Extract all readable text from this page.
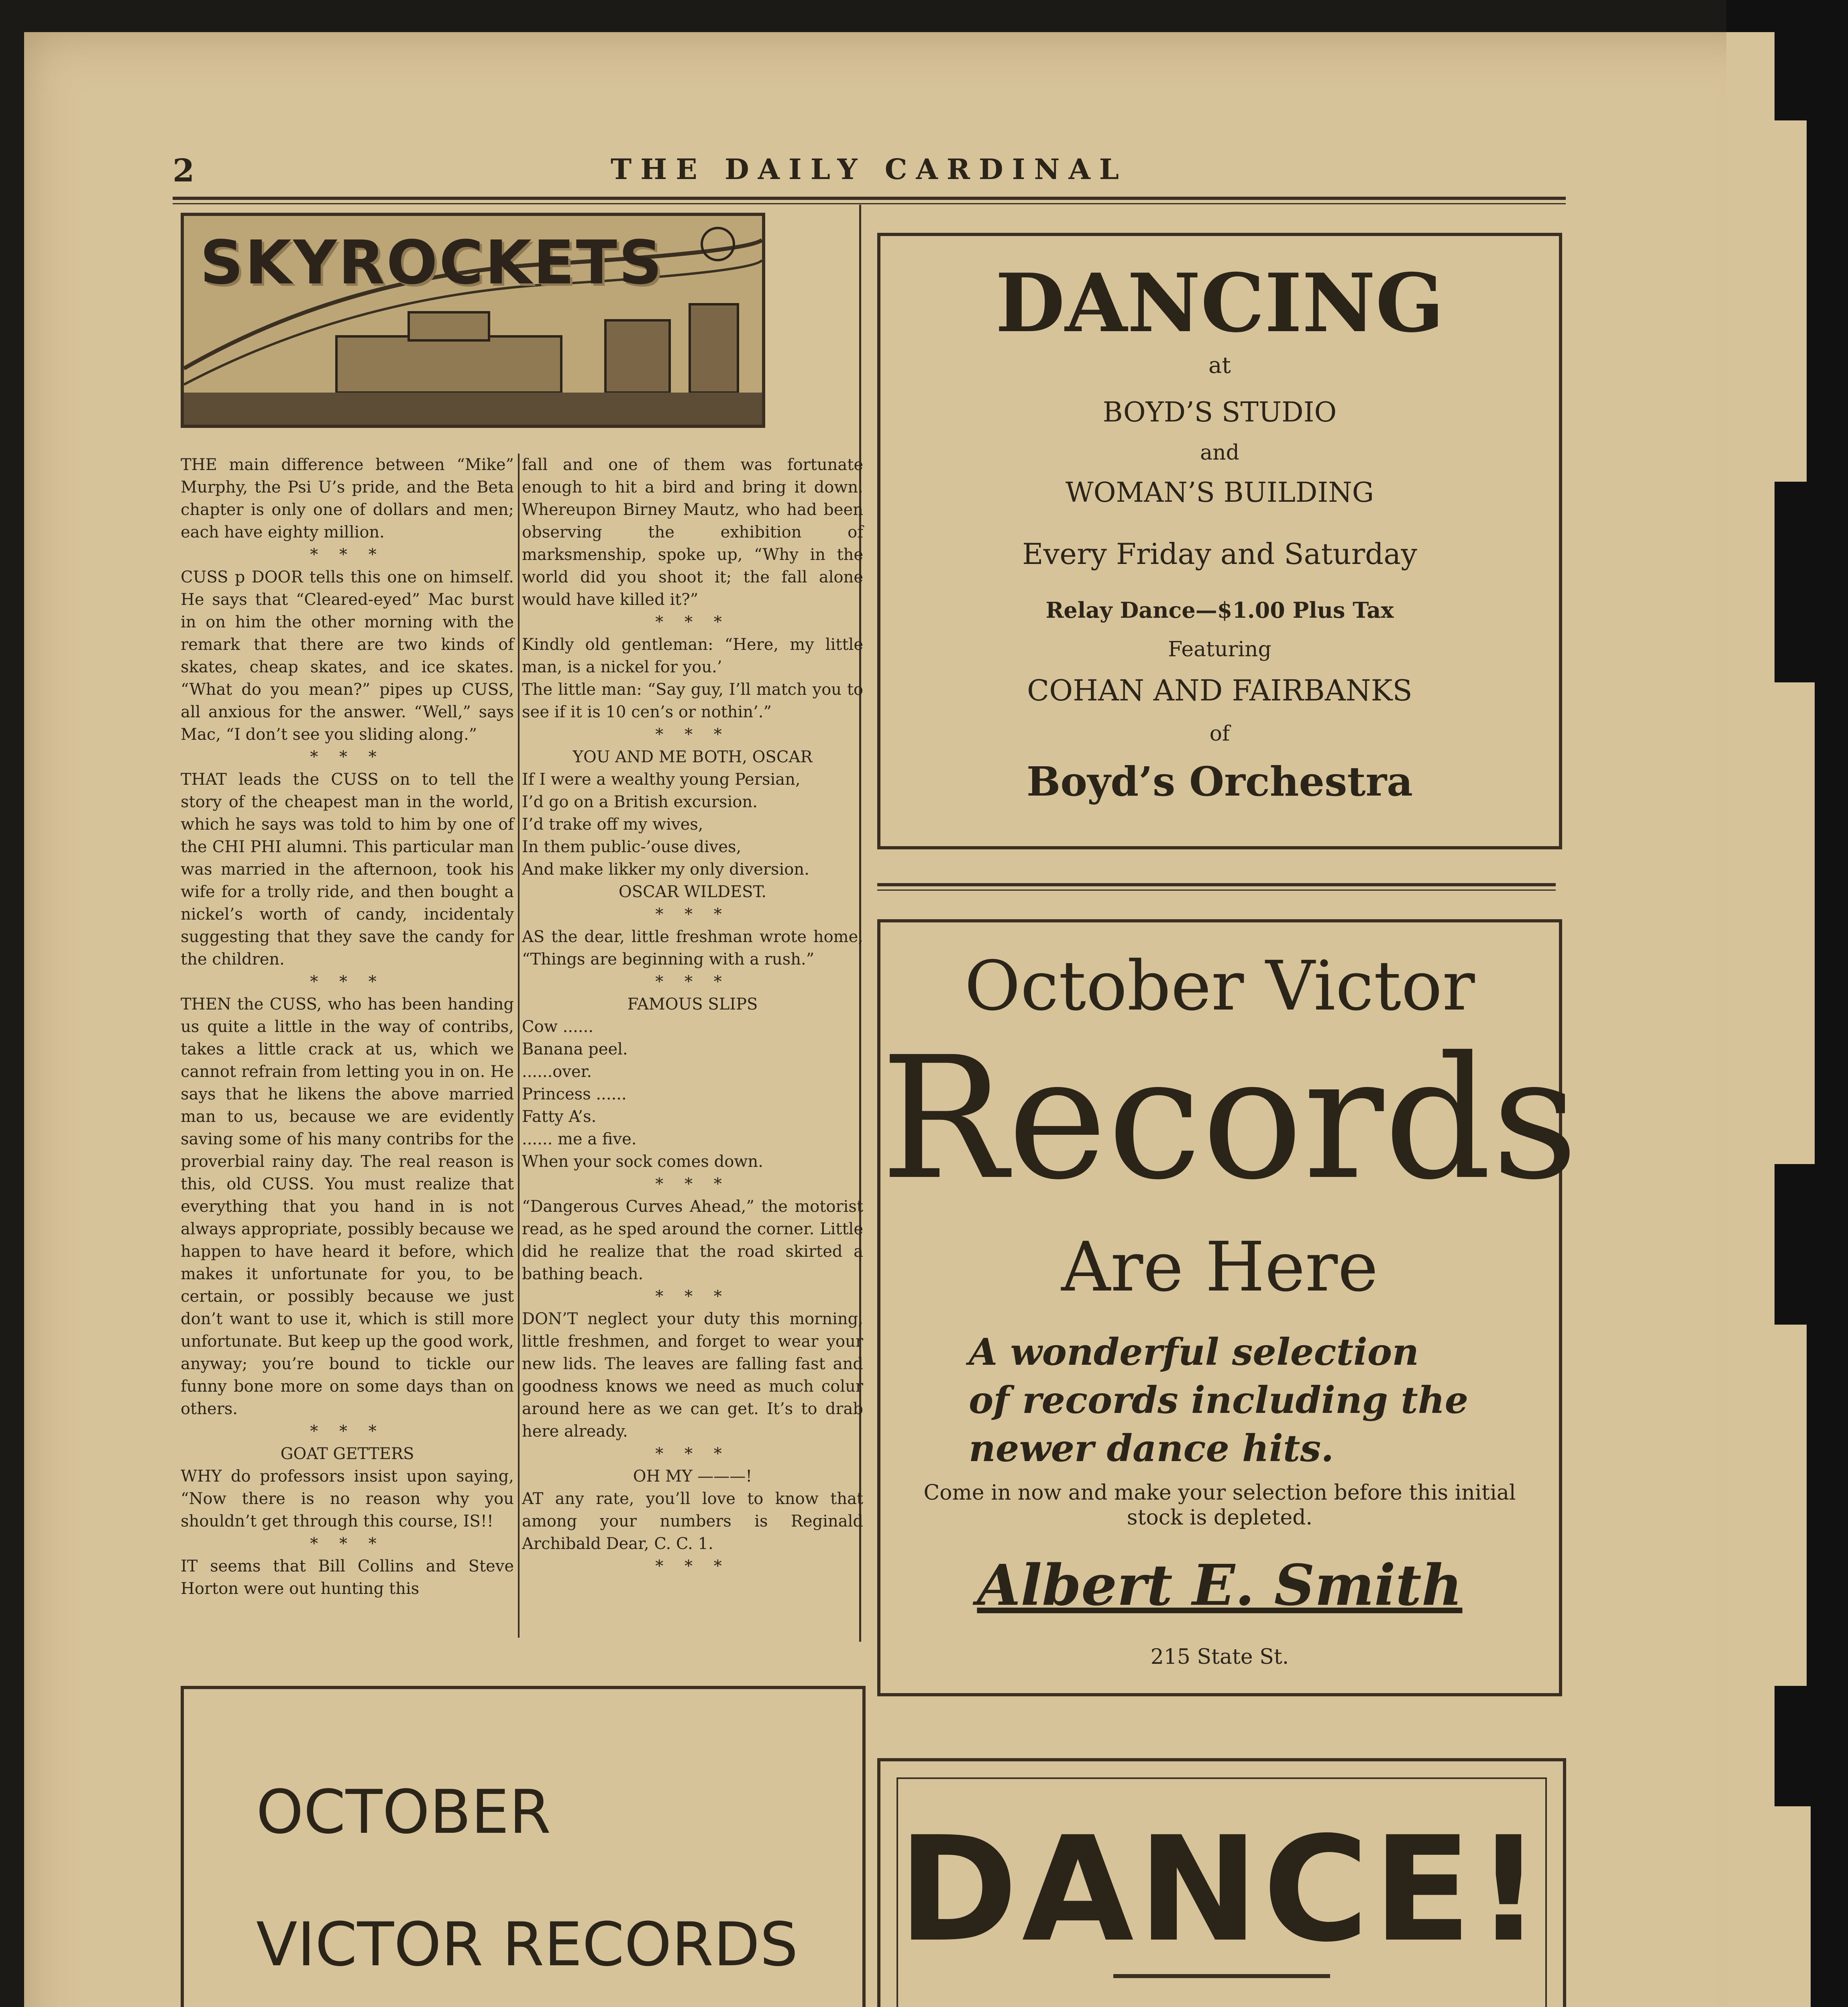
2	THE DAILY CARDINAL
SKYROCKETS

THE main difference between “Mike” Murphy, the Psi U’s pride, and the Beta chapter is only one of dollars and men; each have eighty million.

* * *

CUSS p DOOR tells this one on himself. He says that “Cleared-eyed” Mac burst in on him the other morning with the remark that there are two kinds of skates, cheap skates, and ice skates. “What do you mean?” pipes up CUSS, all anxious for the answer. “Well,” says Mac, “I don’t see you sliding along.”

* * *

THAT leads the CUSS on to tell the story of the cheapest man in the world, which he says was told to him by one of the CHI PHI alumni. This particular man was married in the afternoon, took his wife for a trolly ride, and then bought a nickel’s worth of candy, incidentaly suggesting that they save the candy for the children.

* * *

THEN the CUSS, who has been handing us quite a little in the way of contribs, takes a little crack at us, which we cannot refrain from letting you in on. He says that he likens the above married man to us, because we are evidently saving some of his many contribs for the proverbial rainy day. The real reason is this, old CUSS. You must realize that everything that you hand in is not always appropriate, possibly because we happen to have heard it before, which makes it unfortunate for you, to be certain, or possibly because we just don’t want to use it, which is still more unfortunate. But keep up the good work, anyway; you’re bound to tickle our funny bone more on some days than on others.

* * *

GOAT GETTERS

WHY do professors insist upon saying, “Now there is no reason why you shouldn’t get through this course, IS!!

* * *

IT seems that Bill Collins and Steve Horton were out hunting this

fall and one of them was fortunate enough to hit a bird and bring it down. Whereupon Birney Mautz, who had been observing the exhibition of marksmenship, spoke up, “Why in the world did you shoot it; the fall alone would have killed it?”

* * *

Kindly old gentleman: “Here, my little man, is a nickel for you.’

The little man: “Say guy, I’ll match you to see if it is 10 cen’s or nothin’.”

* * *

YOU AND ME BOTH, OSCAR

If I were a wealthy young Persian,

I’d go on a British excursion.

I’d trake off my wives,

In them public-’ouse dives,

And make likker my only diversion.

OSCAR WILDEST.

* * *

AS the dear, little freshman wrote home, “Things are beginning with a rush.”

* * *

FAMOUS SLIPS

Cow ......

Banana peel.

......over.

Princess ......

Fatty A’s.

...... me a five.

When your sock comes down.

* * *

“Dangerous Curves Ahead,” the motorist read, as he sped around the corner. Little did he realize that the road skirted a bathing beach.

* * *

DON’T neglect your duty this morning, little freshmen, and forget to wear your new lids. The leaves are falling fast and goodness knows we need as much colur around here as we can get. It’s to drab here already.

* * *

OH MY ———!

AT any rate, you’ll love to know that among your numbers is Reginald Archibald Dear, C. C. 1.

* * *

DANCING
at
BOYD’S STUDIO
and
WOMAN’S BUILDING
Every Friday and Saturday
Relay Dance—$1.00 Plus Tax
Featuring
COHAN AND FAIRBANKS
of
Boyd’s Orchestra
October Victor
Records
Are Here
A wonderful selection of records including the newer dance hits.
Come in now and make your selection before this initial stock is depleted.
Albert E. Smith
215 State St.
OCTOBER
VICTOR RECORDS DANCE!
